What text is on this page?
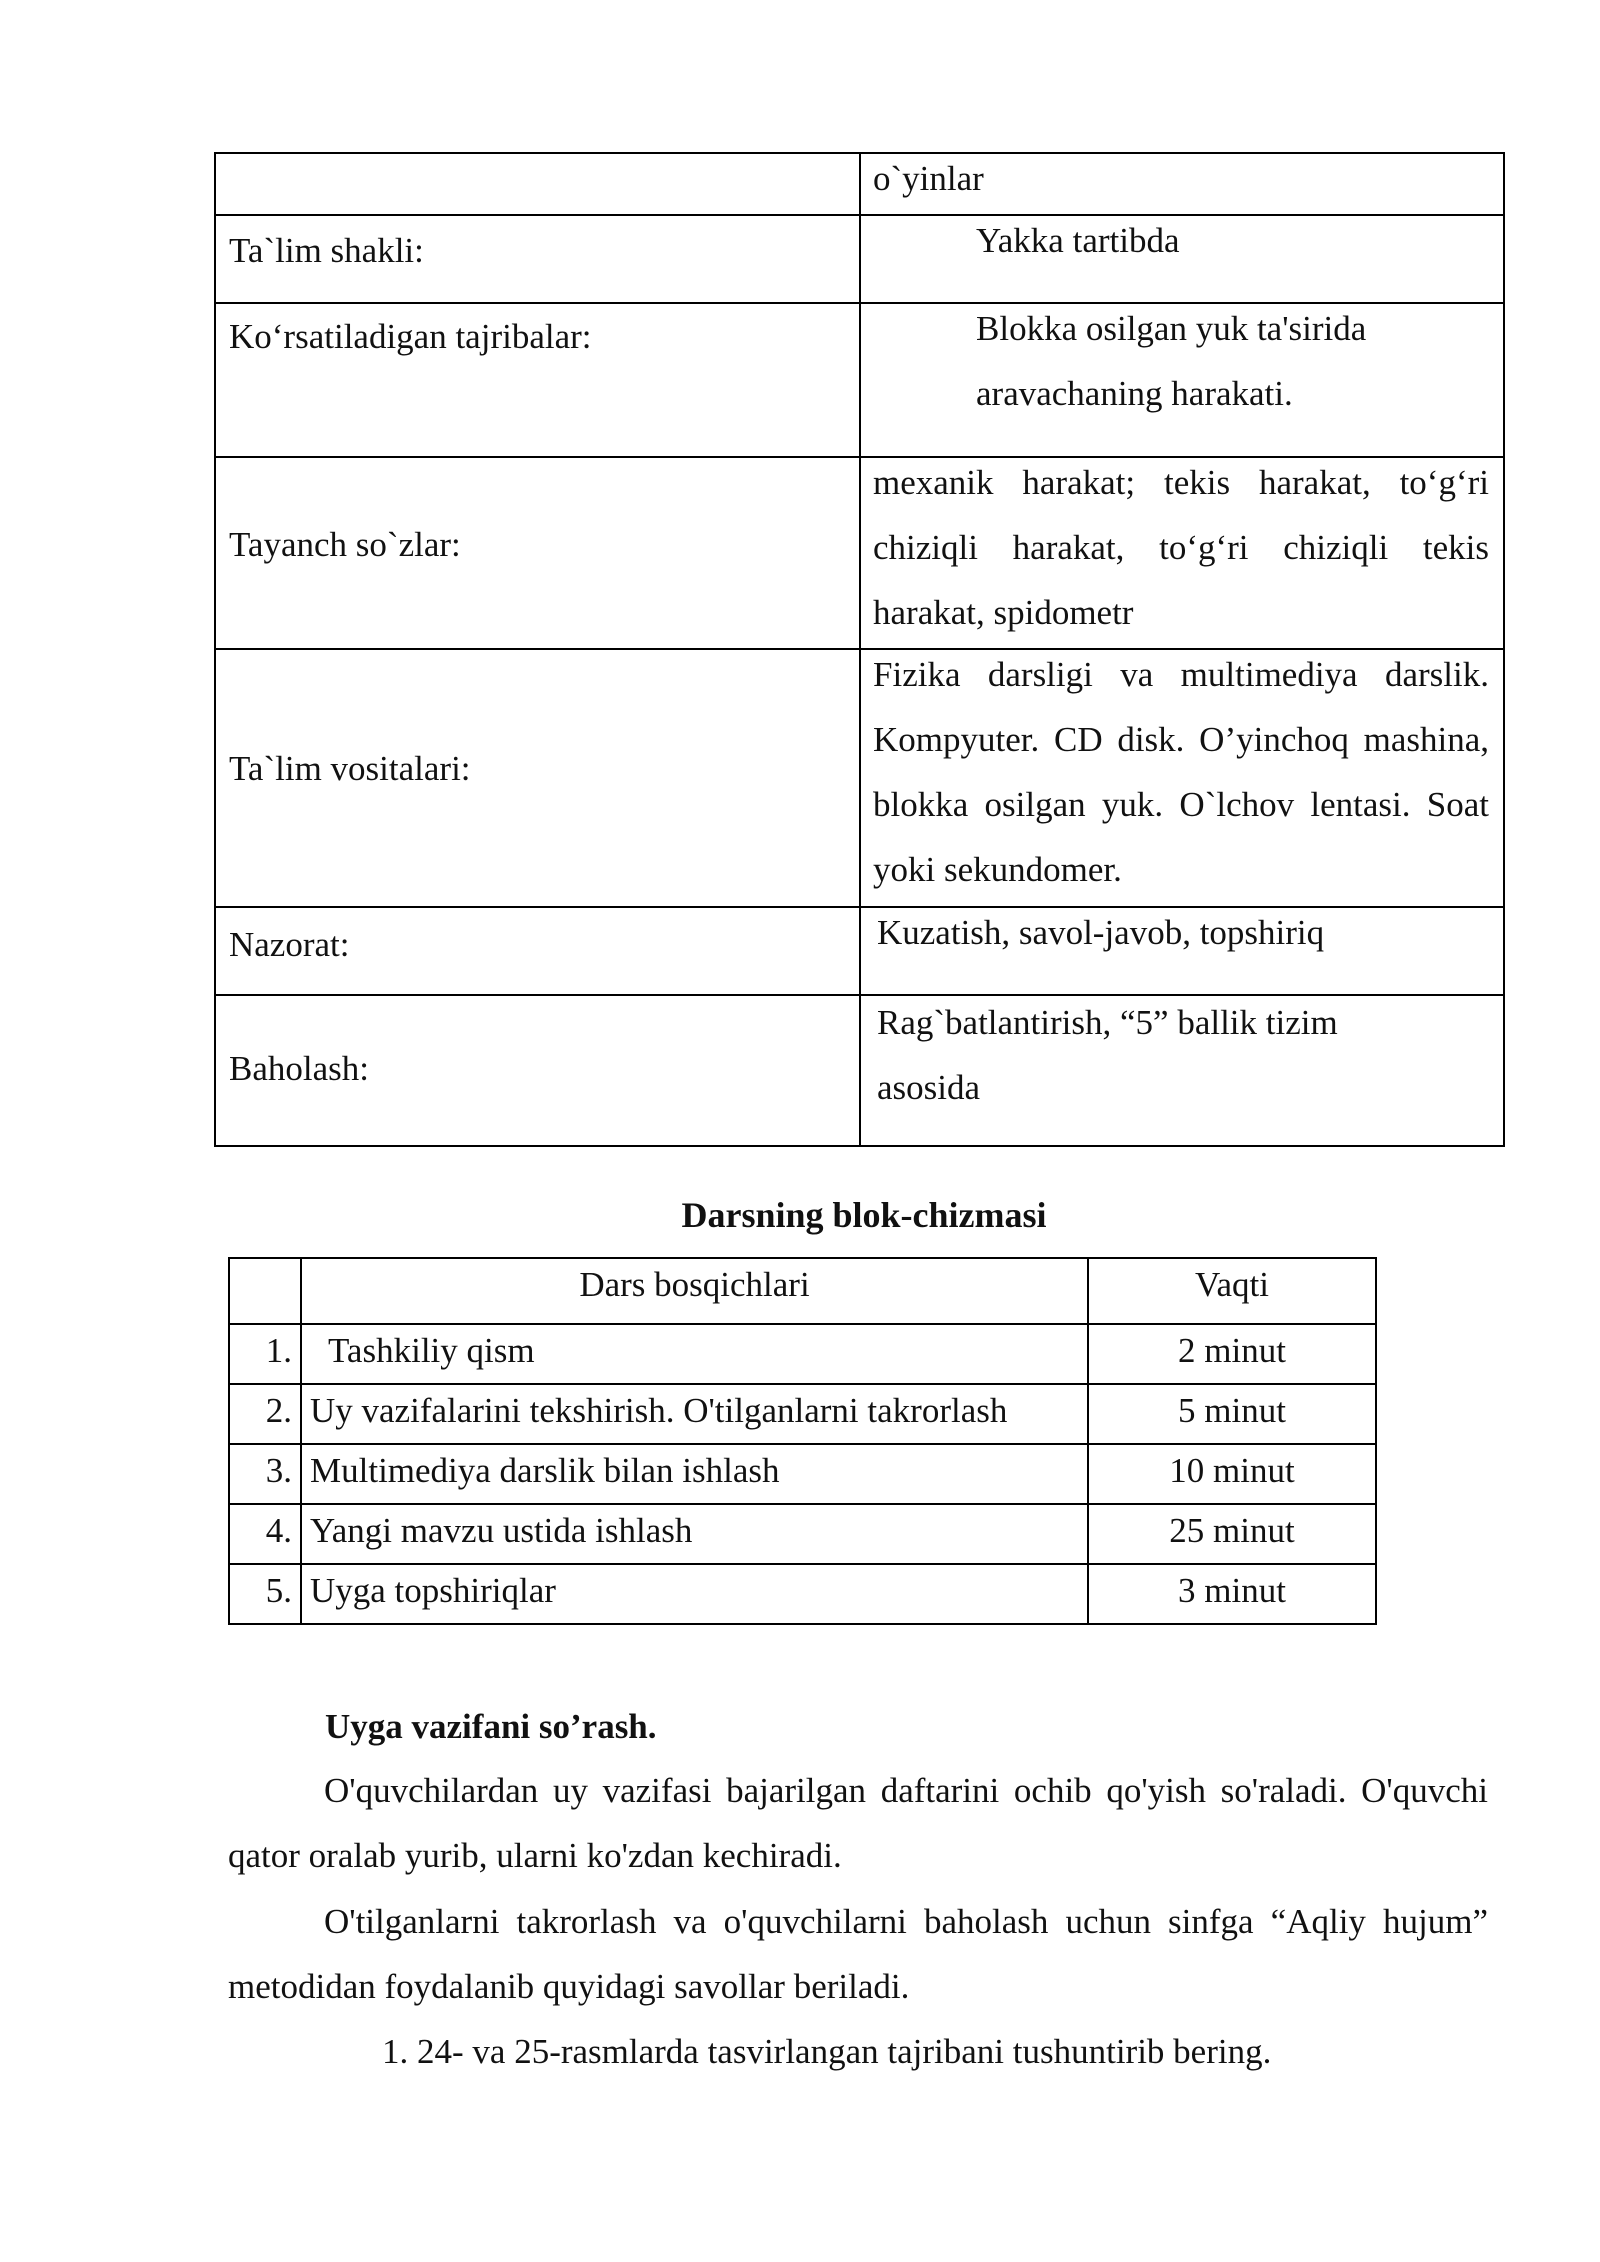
o`yinlar
Ta`lim shakli:	Yakka tartibda
Ko‘rsatiladigan tajribalar:	Blokka osilgan yuk ta'sirida
aravachaning harakati.
Tayanch so`zlar:
mexanik harakat; tekis harakat, to‘g‘ri chiziqli harakat, to‘g‘ri chiziqli tekis harakat, spidometr
Ta`lim vositalari:
Fizika darsligi va multimediya darslik. Kompyuter. CD disk. O’yinchoq mashina, blokka osilgan yuk. O`lchov lentasi. Soat yoki sekundomer.
Nazorat:	Kuzatish, savol-javob, topshiriq
Baholash:
Rag`batlantirish, “5” ballik tizim
asosida
Darsning blok-chizmasi
	Dars bosqichlari	Vaqti
1.	Tashkiliy qism	2 minut
2.	Uy vazifalarini tekshirish. O'tilganlarni takrorlash	5 minut
3.	Multimediya darslik bilan ishlash	10 minut
4.	Yangi mavzu ustida ishlash	25 minut
5.	Uyga topshiriqlar	3 minut
Uyga vazifani so’rash.
O'quvchilardan uy vazifasi bajarilgan daftarini ochib qo'yish so'raladi. O'quvchi qator oralab yurib, ularni ko'zdan kechiradi.
O'tilganlarni takrorlash va o'quvchilarni baholash uchun sinfga “Aqliy hujum” metodidan foydalanib quyidagi savollar beriladi.
1. 24- va 25-rasmlarda tasvirlangan tajribani tushuntirib bering.
